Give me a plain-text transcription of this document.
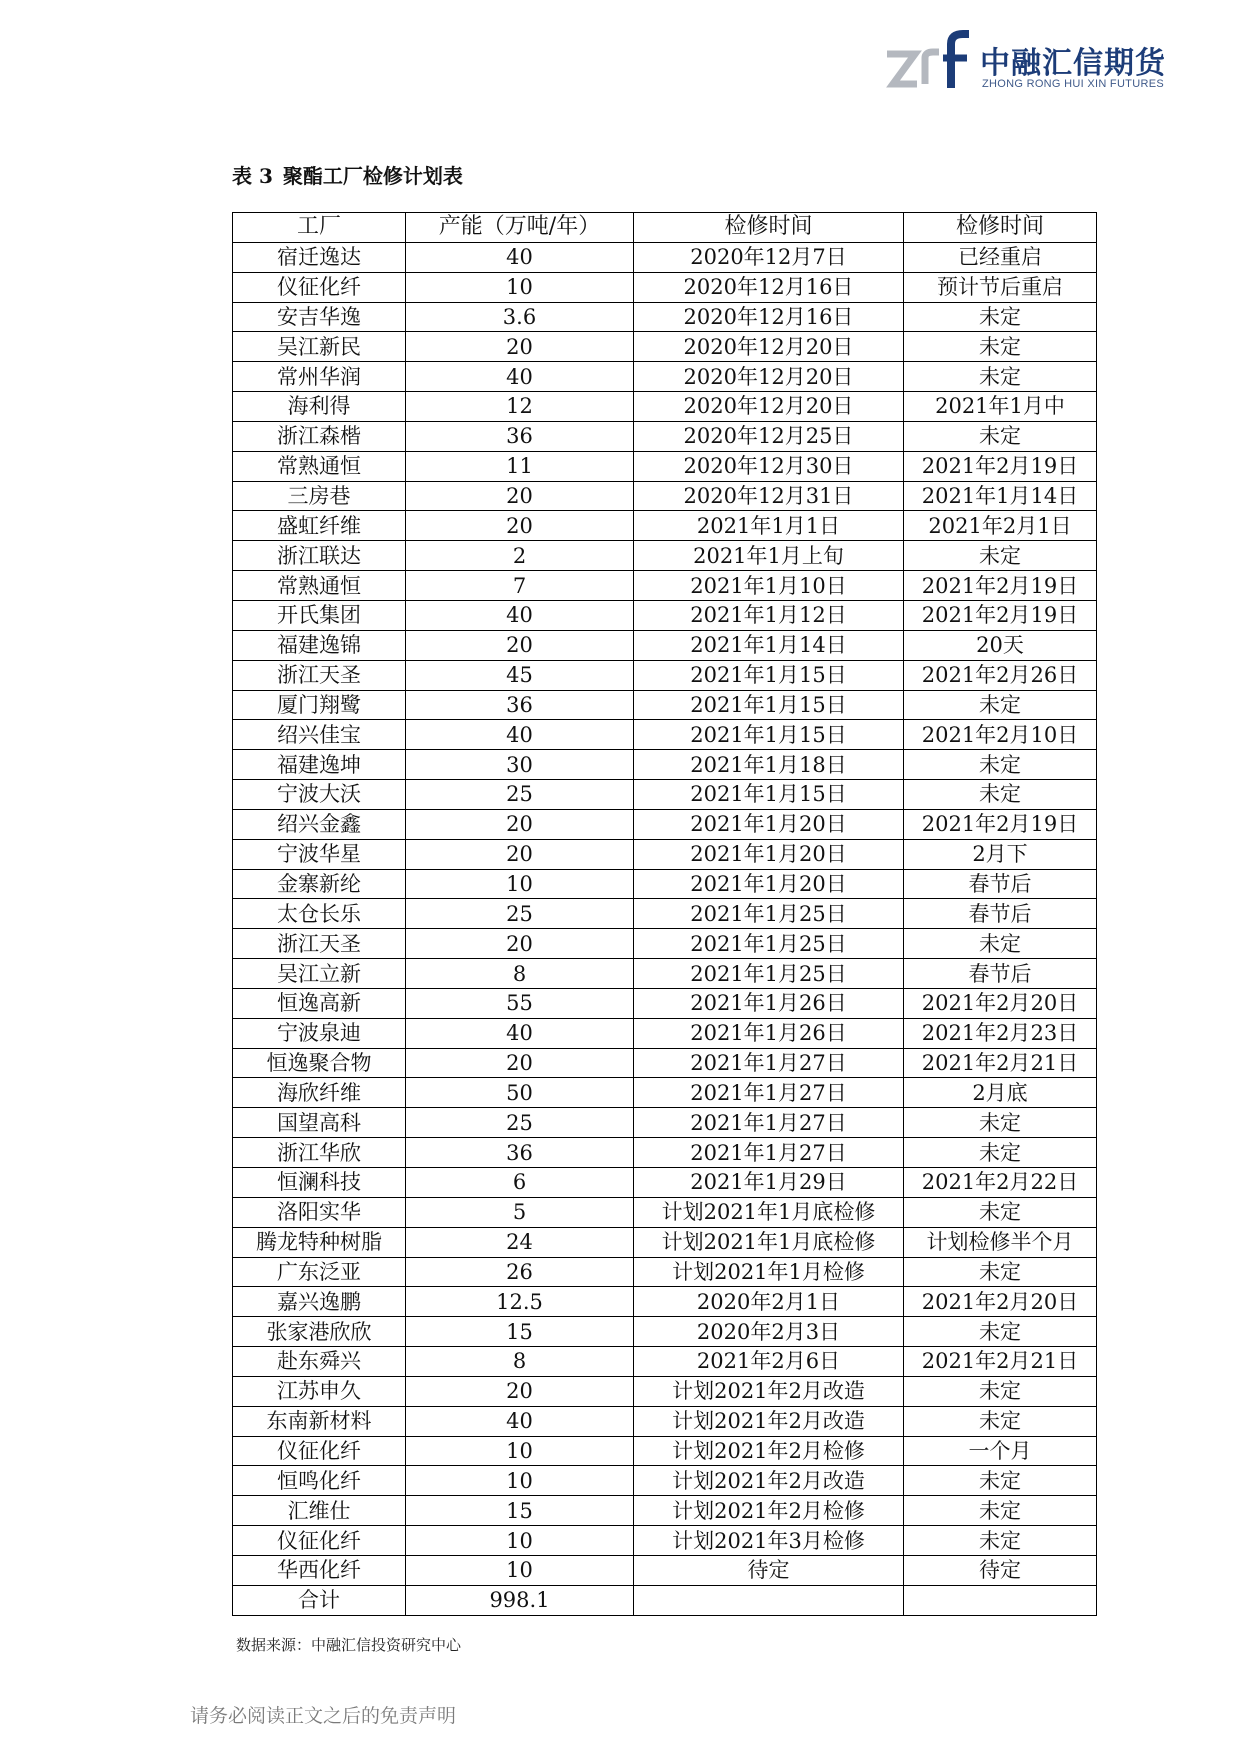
中融汇信期货
ZHONG RONG HUI XIN FUTURES
表 3 聚酯工厂检修计划表
工厂	产能（万吨/年）	检修时间	检修时间
宿迁逸达	40	2020年12月7日	已经重启
仪征化纤	10	2020年12月16日	预计节后重启
安吉华逸	3.6	2020年12月16日	未定
吴江新民	20	2020年12月20日	未定
常州华润	40	2020年12月20日	未定
海利得	12	2020年12月20日	2021年1月中
浙江森楷	36	2020年12月25日	未定
常熟通恒	11	2020年12月30日	2021年2月19日
三房巷	20	2020年12月31日	2021年1月14日
盛虹纤维	20	2021年1月1日	2021年2月1日
浙江联达	2	2021年1月上旬	未定
常熟通恒	7	2021年1月10日	2021年2月19日
开氏集团	40	2021年1月12日	2021年2月19日
福建逸锦	20	2021年1月14日	20天
浙江天圣	45	2021年1月15日	2021年2月26日
厦门翔鹭	36	2021年1月15日	未定
绍兴佳宝	40	2021年1月15日	2021年2月10日
福建逸坤	30	2021年1月18日	未定
宁波大沃	25	2021年1月15日	未定
绍兴金鑫	20	2021年1月20日	2021年2月19日
宁波华星	20	2021年1月20日	2月下
金寨新纶	10	2021年1月20日	春节后
太仓长乐	25	2021年1月25日	春节后
浙江天圣	20	2021年1月25日	未定
吴江立新	8	2021年1月25日	春节后
恒逸高新	55	2021年1月26日	2021年2月20日
宁波泉迪	40	2021年1月26日	2021年2月23日
恒逸聚合物	20	2021年1月27日	2021年2月21日
海欣纤维	50	2021年1月27日	2月底
国望高科	25	2021年1月27日	未定
浙江华欣	36	2021年1月27日	未定
恒澜科技	6	2021年1月29日	2021年2月22日
洛阳实华	5	计划2021年1月底检修	未定
腾龙特种树脂	24	计划2021年1月底检修	计划检修半个月
广东泛亚	26	计划2021年1月检修	未定
嘉兴逸鹏	12.5	2020年2月1日	2021年2月20日
张家港欣欣	15	2020年2月3日	未定
赴东舜兴	8	2021年2月6日	2021年2月21日
江苏申久	20	计划2021年2月改造	未定
东南新材料	40	计划2021年2月改造	未定
仪征化纤	10	计划2021年2月检修	一个月
恒鸣化纤	10	计划2021年2月改造	未定
汇维仕	15	计划2021年2月检修	未定
仪征化纤	10	计划2021年3月检修	未定
华西化纤	10	待定	待定
合计	998.1		
数据来源：中融汇信投资研究中心
请务必阅读正文之后的免责声明
